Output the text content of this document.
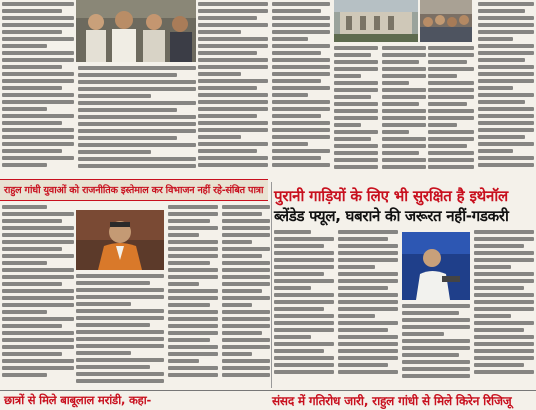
राहुल गांधी युवाओं को राजनीतिक इस्तेमाल कर विभाजन नहीं रहे-संबित पात्रा पुरानी गाड़ियों के लिए भी सुरक्षित है इथेनॉल
ब्लेंडेड फ्यूल, घबराने की जरूरत नहीं-गडकरी
छात्रों से मिले बाबूलाल मरांडी, कहा-	संसद में गतिरोध जारी, राहुल गांधी से मिले किरेन रिजिजू
